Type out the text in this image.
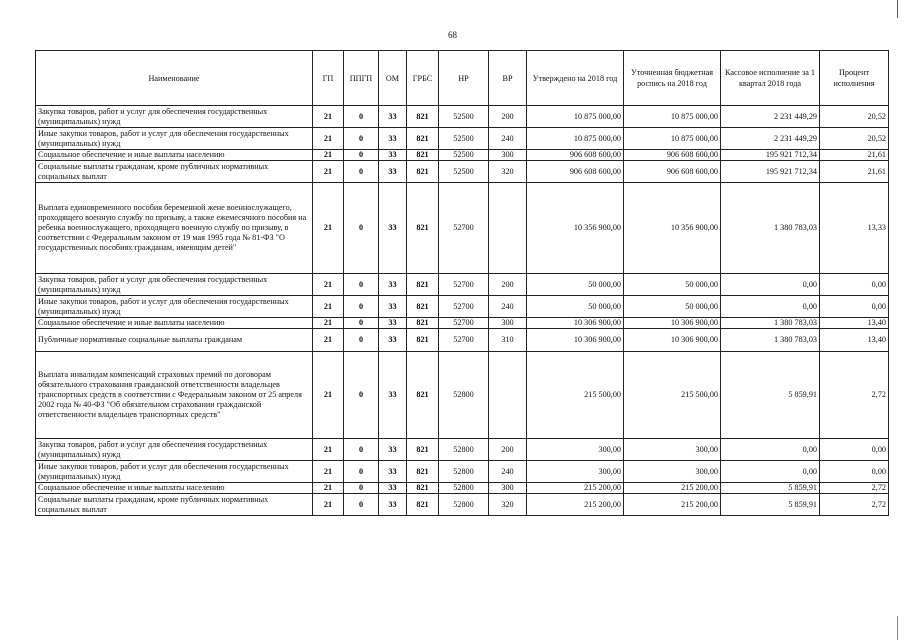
68
Наименование	ГП	ППГП	ОМ	ГРБС	НР	ВР	Утверждено на 2018 год	Уточненная бюджетная роспись на 2018 год	Кассовое исполнение за 1 квартал 2018 года	Процент исполнения
Закупка товаров, работ и услуг для обеспечения государственных (муниципальных) нужд	21	0	33	821	52500	200	10 875 000,00	10 875 000,00	2 231 449,29	20,52
Иные закупки товаров, работ и услуг для обеспечения государственных (муниципальных) нужд	21	0	33	821	52500	240	10 875 000,00	10 875 000,00	2 231 449,29	20,52
Социальное обеспечение и иные выплаты населению	21	0	33	821	52500	300	906 608 600,00	906 608 600,00	195 921 712,34	21,61
Социальные выплаты гражданам, кроме публичных нормативных социальных выплат	21	0	33	821	52500	320	906 608 600,00	906 608 600,00	195 921 712,34	21,61
Выплата единовременного пособия беременной жене военнослужащего, проходящего военную службу по призыву, а также ежемесячного пособия на ребенка военнослужащего, проходящего военную службу по призыву, в соответствии с Федеральным законом от 19 мая 1995 года № 81-ФЗ "О государственных пособиях гражданам, имеющим детей"	21	0	33	821	52700		10 356 900,00	10 356 900,00	1 380 783,03	13,33
Закупка товаров, работ и услуг для обеспечения государственных (муниципальных) нужд	21	0	33	821	52700	200	50 000,00	50 000,00	0,00	0,00
Иные закупки товаров, работ и услуг для обеспечения государственных (муниципальных) нужд	21	0	33	821	52700	240	50 000,00	50 000,00	0,00	0,00
Социальное обеспечение и иные выплаты населению	21	0	33	821	52700	300	10 306 900,00	10 306 900,00	1 380 783,03	13,40
Публичные нормативные социальные выплаты гражданам	21	0	33	821	52700	310	10 306 900,00	10 306 900,00	1 380 783,03	13,40
Выплата инвалидам компенсаций страховых премий по договорам обязательного страхования гражданской ответственности владельцев транспортных средств в соответствии с Федеральным законом от 25 апреля 2002 года № 40-ФЗ "Об обязательном страховании гражданской ответственности владельцев транспортных средств"	21	0	33	821	52800		215 500,00	215 500,00	5 859,91	2,72
Закупка товаров, работ и услуг для обеспечения государственных (муниципальных) нужд	21	0	33	821	52800	200	300,00	300,00	0,00	0,00
Иные закупки товаров, работ и услуг для обеспечения государственных (муниципальных) нужд	21	0	33	821	52800	240	300,00	300,00	0,00	0,00
Социальное обеспечение и иные выплаты населению	21	0	33	821	52800	300	215 200,00	215 200,00	5 859,91	2,72
Социальные выплаты гражданам, кроме публичных нормативных социальных выплат	21	0	33	821	52800	320	215 200,00	215 200,00	5 859,91	2,72
